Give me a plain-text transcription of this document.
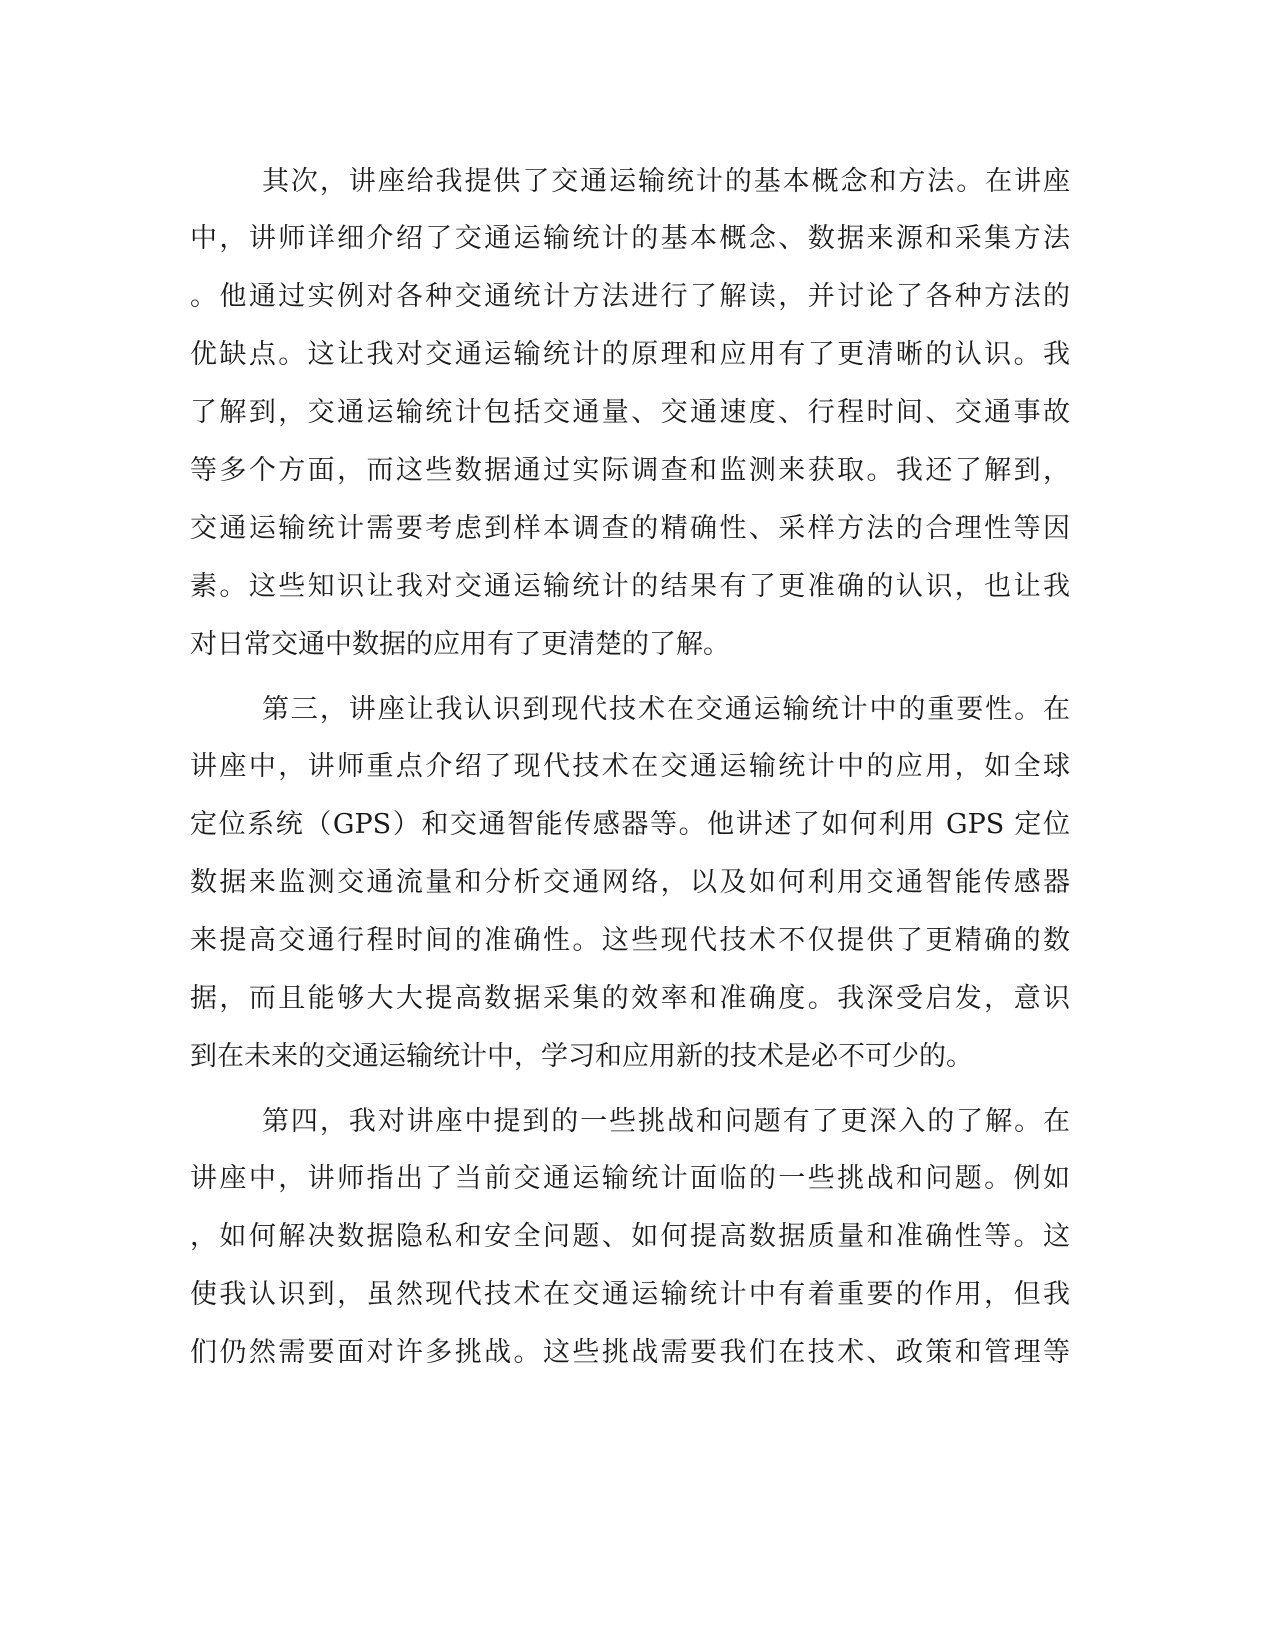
其次，讲座给我提供了交通运输统计的基本概念和方法。在讲座

中，讲师详细介绍了交通运输统计的基本概念、数据来源和采集方法

。他通过实例对各种交通统计方法进行了解读，并讨论了各种方法的

优缺点。这让我对交通运输统计的原理和应用有了更清晰的认识。我

了解到，交通运输统计包括交通量、交通速度、行程时间、交通事故

等多个方面，而这些数据通过实际调查和监测来获取。我还了解到，

交通运输统计需要考虑到样本调查的精确性、采样方法的合理性等因

素。这些知识让我对交通运输统计的结果有了更准确的认识，也让我

对日常交通中数据的应用有了更清楚的了解。

第三，讲座让我认识到现代技术在交通运输统计中的重要性。在

讲座中，讲师重点介绍了现代技术在交通运输统计中的应用，如全球

定位系统（GPS）和交通智能传感器等。他讲述了如何利用 GPS 定位

数据来监测交通流量和分析交通网络，以及如何利用交通智能传感器

来提高交通行程时间的准确性。这些现代技术不仅提供了更精确的数

据，而且能够大大提高数据采集的效率和准确度。我深受启发，意识

到在未来的交通运输统计中，学习和应用新的技术是必不可少的。

第四，我对讲座中提到的一些挑战和问题有了更深入的了解。在

讲座中，讲师指出了当前交通运输统计面临的一些挑战和问题。例如

，如何解决数据隐私和安全问题、如何提高数据质量和准确性等。这

使我认识到，虽然现代技术在交通运输统计中有着重要的作用，但我

们仍然需要面对许多挑战。这些挑战需要我们在技术、政策和管理等
